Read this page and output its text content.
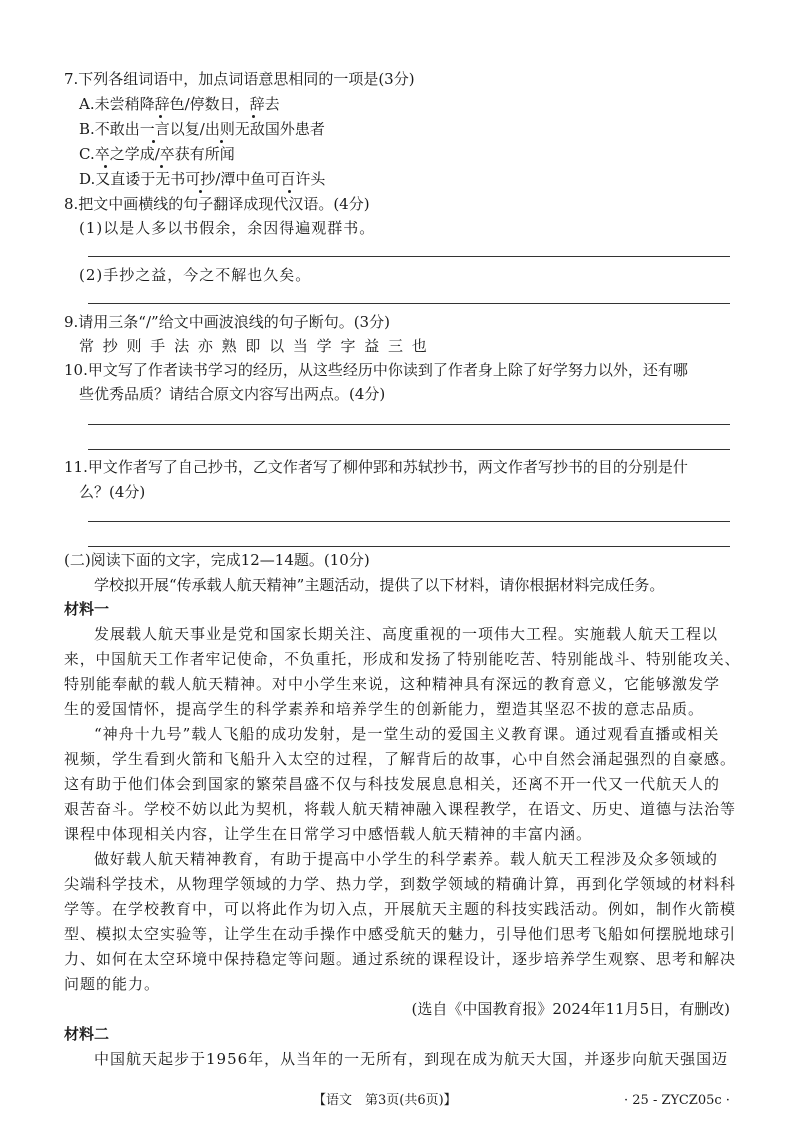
7.下列各组词语中，加点词语意思相同的一项是(3分)
A.未尝稍降辞色/停数日，辞去
B.不敢出一言以复/出则无敌国外患者
C.卒之学成/卒获有所闻
D.又直诿于无书可抄/潭中鱼可百许头
8.把文中画横线的句子翻译成现代汉语。(4分)
(1)以是人多以书假余，余因得遍观群书。
(2)手抄之益，今之不解也久矣。
9.请用三条“/”给文中画波浪线的句子断句。(3分)
常 抄 则 手 法 亦 熟 即 以 当 学 字 益 三 也
10.甲文写了作者读书学习的经历，从这些经历中你读到了作者身上除了好学努力以外，还有哪
些优秀品质？请结合原文内容写出两点。(4分)
11.甲文作者写了自己抄书，乙文作者写了柳仲郢和苏轼抄书，两文作者写抄书的目的分别是什
么？(4分)
(二)阅读下面的文字，完成12—14题。(10分)
学校拟开展“传承载人航天精神”主题活动，提供了以下材料，请你根据材料完成任务。
材料一
发展载人航天事业是党和国家长期关注、高度重视的一项伟大工程。实施载人航天工程以
来，中国航天工作者牢记使命，不负重托，形成和发扬了特别能吃苦、特别能战斗、特别能攻关、
特别能奉献的载人航天精神。对中小学生来说，这种精神具有深远的教育意义，它能够激发学
生的爱国情怀，提高学生的科学素养和培养学生的创新能力，塑造其坚忍不拔的意志品质。
“神舟十九号”载人飞船的成功发射，是一堂生动的爱国主义教育课。通过观看直播或相关
视频，学生看到火箭和飞船升入太空的过程，了解背后的故事，心中自然会涌起强烈的自豪感。
这有助于他们体会到国家的繁荣昌盛不仅与科技发展息息相关，还离不开一代又一代航天人的
艰苦奋斗。学校不妨以此为契机，将载人航天精神融入课程教学，在语文、历史、道德与法治等
课程中体现相关内容，让学生在日常学习中感悟载人航天精神的丰富内涵。
做好载人航天精神教育，有助于提高中小学生的科学素养。载人航天工程涉及众多领域的
尖端科学技术，从物理学领域的力学、热力学，到数学领域的精确计算，再到化学领域的材料科
学等。在学校教育中，可以将此作为切入点，开展航天主题的科技实践活动。例如，制作火箭模
型、模拟太空实验等，让学生在动手操作中感受航天的魅力，引导他们思考飞船如何摆脱地球引
力、如何在太空环境中保持稳定等问题。通过系统的课程设计，逐步培养学生观察、思考和解决
问题的能力。
(选自《中国教育报》2024年11月5日，有删改)
材料二
中国航天起步于1956年，从当年的一无所有，到现在成为航天大国，并逐步向航天强国迈
【语文　第3页(共6页)】	· 25 - ZYCZ05c ·
